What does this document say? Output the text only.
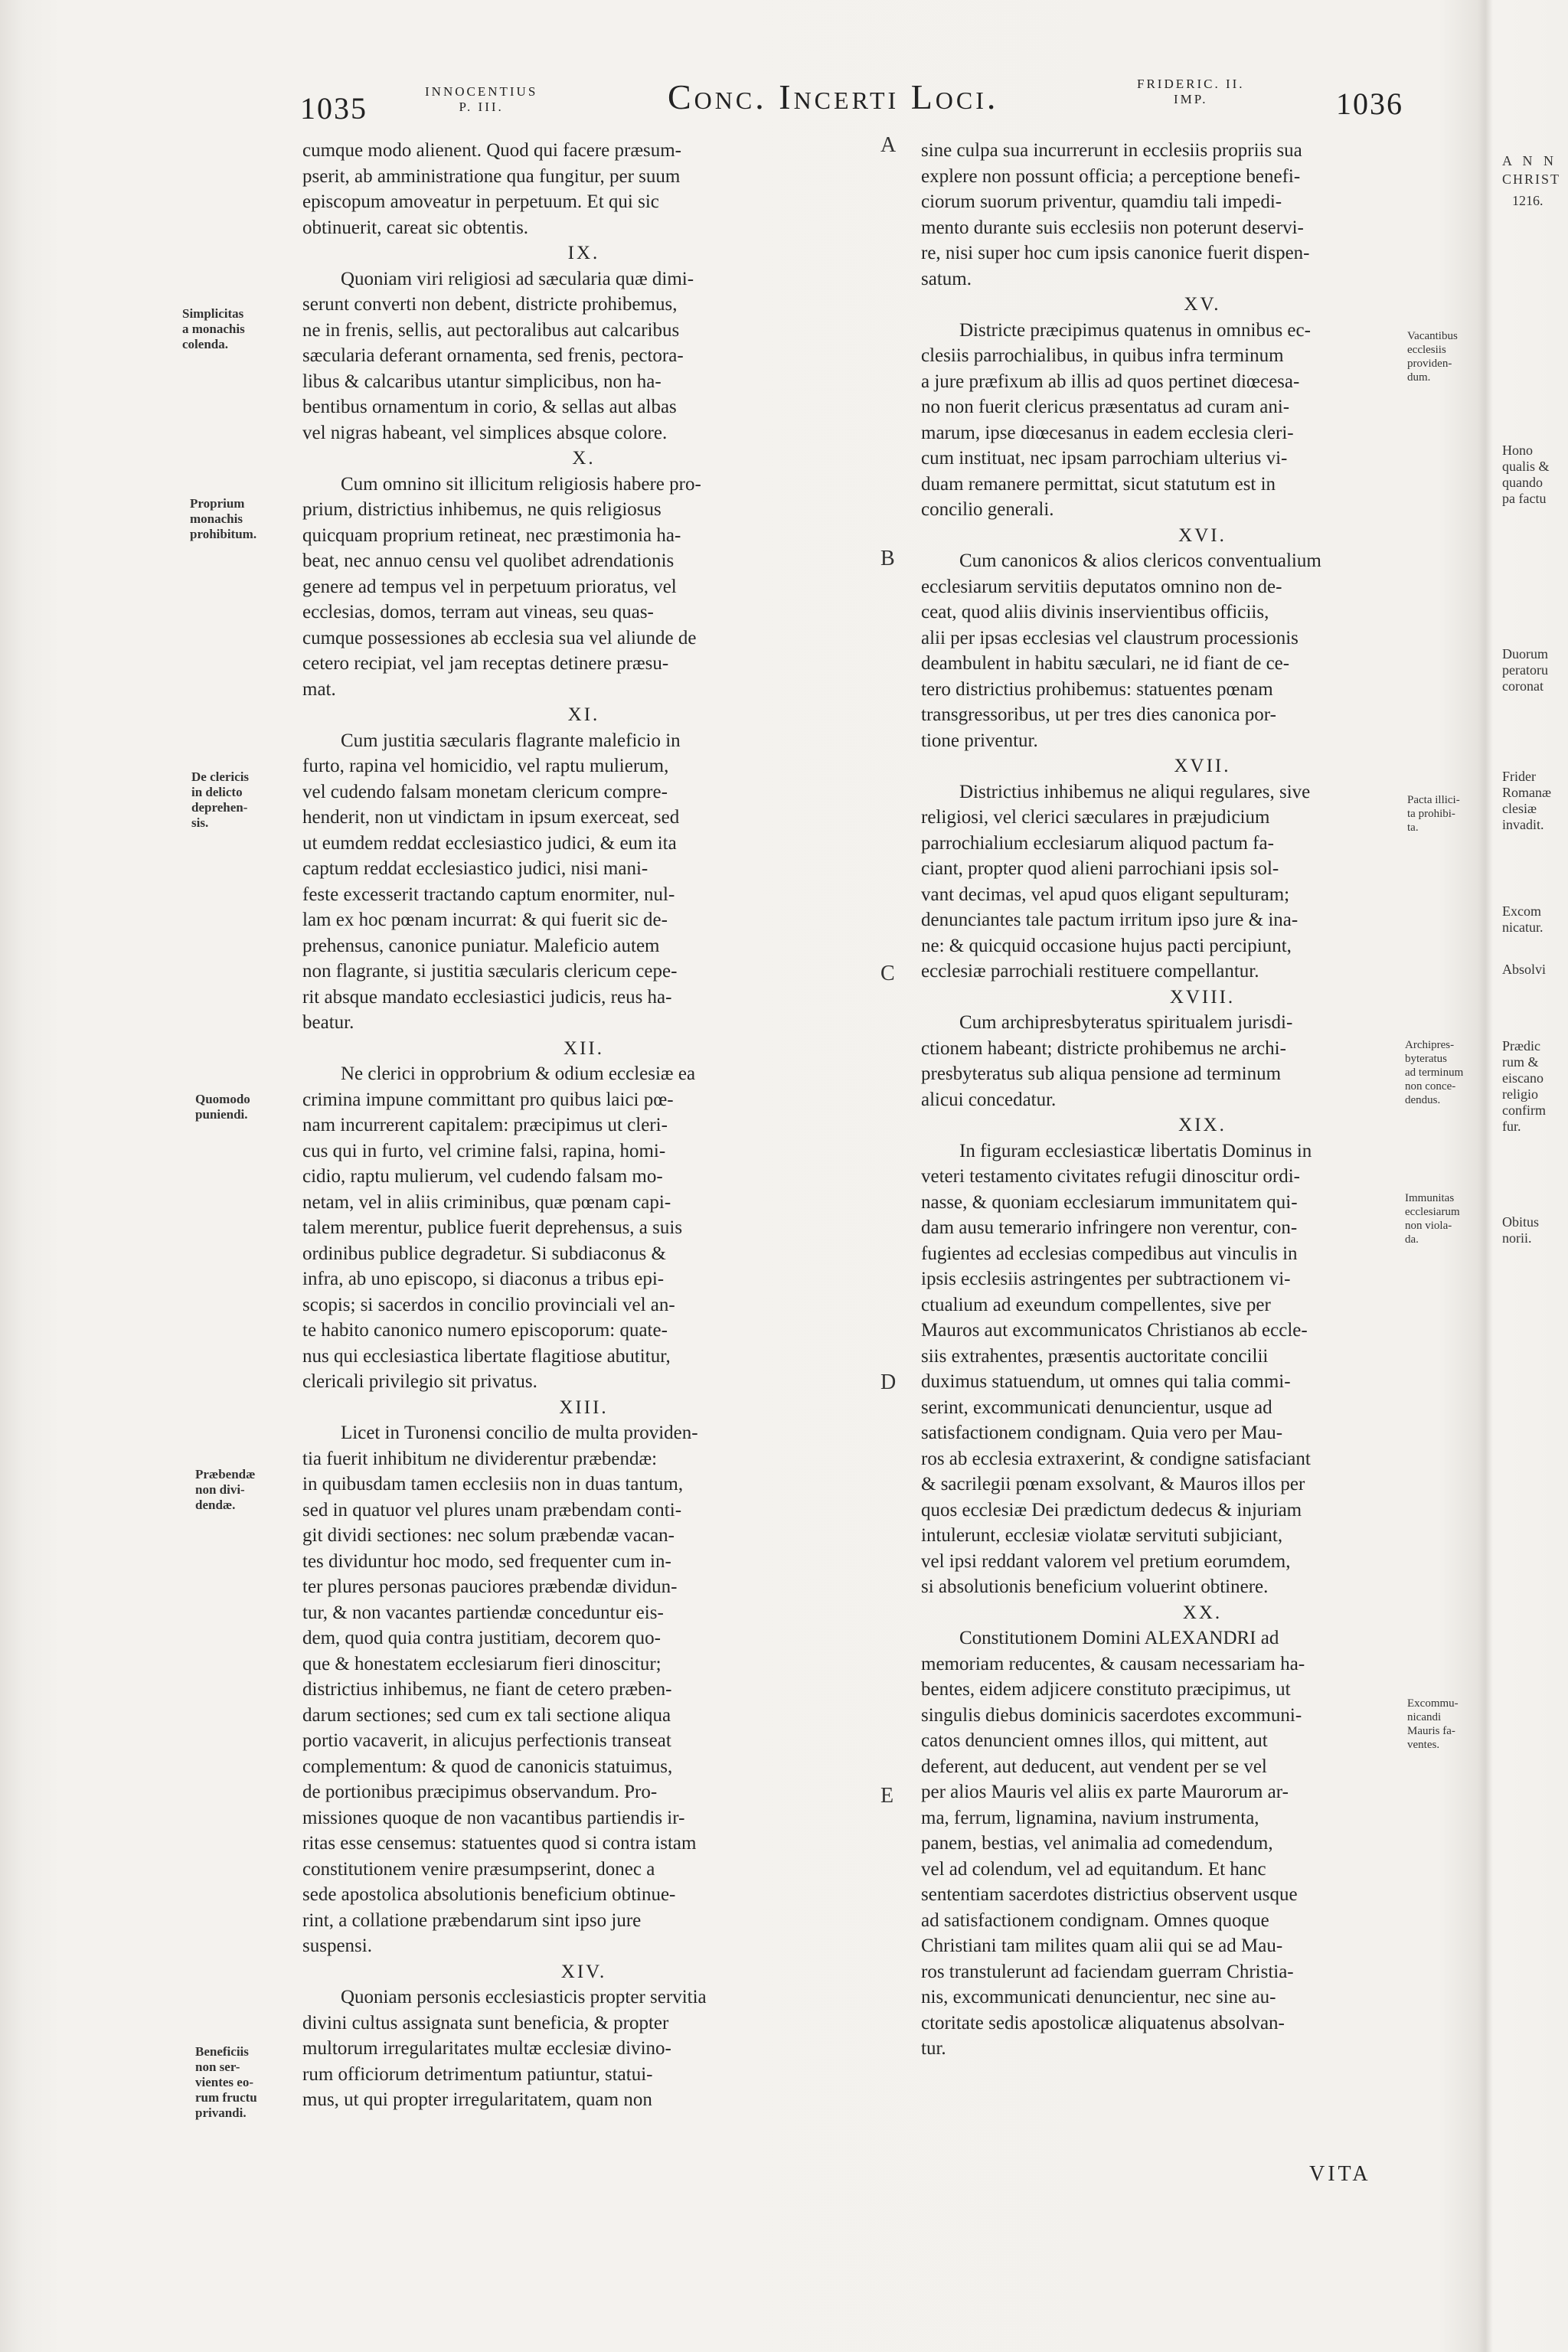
1035	INNOCENTIUS
P. III.	Conc. Incerti Loci.	FRIDERIC. II.
IMP.	1036
cumque modo alienent. Quod qui facere præsum-
pserit, ab amministratione qua fungitur, per suum
episcopum amoveatur in perpetuum. Et qui sic
obtinuerit, careat sic obtentis.
IX.
Quoniam viri religiosi ad sæcularia quæ dimi-
serunt converti non debent, districte prohibemus,
ne in frenis, sellis, aut pectoralibus aut calcaribus
sæcularia deferant ornamenta, sed frenis, pectora-
libus & calcaribus utantur simplicibus, non ha-
bentibus ornamentum in corio, & sellas aut albas
vel nigras habeant, vel simplices absque colore.
X.
Cum omnino sit illicitum religiosis habere pro-
prium, districtius inhibemus, ne quis religiosus
quicquam proprium retineat, nec præstimonia ha-
beat, nec annuo censu vel quolibet adrendationis
genere ad tempus vel in perpetuum prioratus, vel
ecclesias, domos, terram aut vineas, seu quas-
cumque possessiones ab ecclesia sua vel aliunde de
cetero recipiat, vel jam receptas detinere præsu-
mat.
XI.
Cum justitia sæcularis flagrante maleficio in
furto, rapina vel homicidio, vel raptu mulierum,
vel cudendo falsam monetam clericum compre-
henderit, non ut vindictam in ipsum exerceat, sed
ut eumdem reddat ecclesiastico judici, & eum ita
captum reddat ecclesiastico judici, nisi mani-
feste excesserit tractando captum enormiter, nul-
lam ex hoc pœnam incurrat: & qui fuerit sic de-
prehensus, canonice puniatur. Maleficio autem
non flagrante, si justitia sæcularis clericum cepe-
rit absque mandato ecclesiastici judicis, reus ha-
beatur.
XII.
Ne clerici in opprobrium & odium ecclesiæ ea
crimina impune committant pro quibus laici pœ-
nam incurrerent capitalem: præcipimus ut cleri-
cus qui in furto, vel crimine falsi, rapina, homi-
cidio, raptu mulierum, vel cudendo falsam mo-
netam, vel in aliis criminibus, quæ pœnam capi-
talem merentur, publice fuerit deprehensus, a suis
ordinibus publice degradetur. Si subdiaconus &
infra, ab uno episcopo, si diaconus a tribus epi-
scopis; si sacerdos in concilio provinciali vel an-
te habito canonico numero episcoporum: quate-
nus qui ecclesiastica libertate flagitiose abutitur,
clericali privilegio sit privatus.
XIII.
Licet in Turonensi concilio de multa providen-
tia fuerit inhibitum ne dividerentur præbendæ:
in quibusdam tamen ecclesiis non in duas tantum,
sed in quatuor vel plures unam præbendam conti-
git dividi sectiones: nec solum præbendæ vacan-
tes dividuntur hoc modo, sed frequenter cum in-
ter plures personas pauciores præbendæ dividun-
tur, & non vacantes partiendæ conceduntur eis-
dem, quod quia contra justitiam, decorem quo-
que & honestatem ecclesiarum fieri dinoscitur;
districtius inhibemus, ne fiant de cetero præben-
darum sectiones; sed cum ex tali sectione aliqua
portio vacaverit, in alicujus perfectionis transeat
complementum: & quod de canonicis statuimus,
de portionibus præcipimus observandum. Pro-
missiones quoque de non vacantibus partiendis ir-
ritas esse censemus: statuentes quod si contra istam
constitutionem venire præsumpserint, donec a
sede apostolica absolutionis beneficium obtinue-
rint, a collatione præbendarum sint ipso jure
suspensi.
XIV.
Quoniam personis ecclesiasticis propter servitia
divini cultus assignata sunt beneficia, & propter
multorum irregularitates multæ ecclesiæ divino-
rum officiorum detrimentum patiuntur, statui-
mus, ut qui propter irregularitatem, quam non
sine culpa sua incurrerunt in ecclesiis propriis sua
explere non possunt officia; a perceptione benefi-
ciorum suorum priventur, quamdiu tali impedi-
mento durante suis ecclesiis non poterunt deservi-
re, nisi super hoc cum ipsis canonice fuerit dispen-
satum.
XV.
Districte præcipimus quatenus in omnibus ec-
clesiis parrochialibus, in quibus infra terminum
a jure præfixum ab illis ad quos pertinet diœcesa-
no non fuerit clericus præsentatus ad curam ani-
marum, ipse diœcesanus in eadem ecclesia cleri-
cum instituat, nec ipsam parrochiam ulterius vi-
duam remanere permittat, sicut statutum est in
concilio generali.
XVI.
Cum canonicos & alios clericos conventualium
ecclesiarum servitiis deputatos omnino non de-
ceat, quod aliis divinis inservientibus officiis,
alii per ipsas ecclesias vel claustrum processionis
deambulent in habitu sæculari, ne id fiant de ce-
tero districtius prohibemus: statuentes pœnam
transgressoribus, ut per tres dies canonica por-
tione priventur.
XVII.
Districtius inhibemus ne aliqui regulares, sive
religiosi, vel clerici sæculares in præjudicium
parrochialium ecclesiarum aliquod pactum fa-
ciant, propter quod alieni parrochiani ipsis sol-
vant decimas, vel apud quos eligant sepulturam;
denunciantes tale pactum irritum ipso jure & ina-
ne: & quicquid occasione hujus pacti percipiunt,
ecclesiæ parrochiali restituere compellantur.
XVIII.
Cum archipresbyteratus spiritualem jurisdi-
ctionem habeant; districte prohibemus ne archi-
presbyteratus sub aliqua pensione ad terminum
alicui concedatur.
XIX.
In figuram ecclesiasticæ libertatis Dominus in
veteri testamento civitates refugii dinoscitur ordi-
nasse, & quoniam ecclesiarum immunitatem qui-
dam ausu temerario infringere non verentur, con-
fugientes ad ecclesias compedibus aut vinculis in
ipsis ecclesiis astringentes per subtractionem vi-
ctualium ad exeundum compellentes, sive per
Mauros aut excommunicatos Christianos ab eccle-
siis extrahentes, præsentis auctoritate concilii
duximus statuendum, ut omnes qui talia commi-
serint, excommunicati denuncientur, usque ad
satisfactionem condignam. Quia vero per Mau-
ros ab ecclesia extraxerint, & condigne satisfaciant
& sacrilegii pœnam exsolvant, & Mauros illos per
quos ecclesiæ Dei prædictum dedecus & injuriam
intulerunt, ecclesiæ violatæ servituti subjiciant,
vel ipsi reddant valorem vel pretium eorumdem,
si absolutionis beneficium voluerint obtinere.
XX.
Constitutionem Domini ALEXANDRI ad
memoriam reducentes, & causam necessariam ha-
bentes, eidem adjicere constituto præcipimus, ut
singulis diebus dominicis sacerdotes excommuni-
catos denuncient omnes illos, qui mittent, aut
deferent, aut deducent, aut vendent per se vel
per alios Mauris vel aliis ex parte Maurorum ar-
ma, ferrum, lignamina, navium instrumenta,
panem, bestias, vel animalia ad comedendum,
vel ad colendum, vel ad equitandum. Et hanc
sententiam sacerdotes districtius observent usque
ad satisfactionem condignam. Omnes quoque
Christiani tam milites quam alii qui se ad Mau-
ros transtulerunt ad faciendam guerram Christia-
nis, excommunicati denuncientur, nec sine au-
ctoritate sedis apostolicæ aliquatenus absolvan-
tur.
Simplicitas
a monachis
colenda.
Proprium
monachis
prohibitum.
De clericis
in delicto
deprehen-
sis.
Quomodo
puniendi.
Præbendæ
non divi-
dendæ.
Beneficiis
non ser-
vientes eo-
rum fructu
privandi.
Vacantibus
ecclesiis
providen-
dum.
Pacta illici-
ta prohibi-
ta.
Archipres-
byteratus
ad terminum
non conce-
dendus.
Immunitas
ecclesiarum
non viola-
da.
Excommu-
nicandi
Mauris fa-
ventes.
A
B
C
D
E
A N N
CHRIST
1216.
Hono
qualis &
quando
pa factu
Duorum
peratoru
coronat
Frider
Romanæ
clesiæ
invadit.
Excom
nicatur.
Absolvi
Prædic
rum &
eiscano
religio
confirm
fur.
Obitus
norii.
VITA
